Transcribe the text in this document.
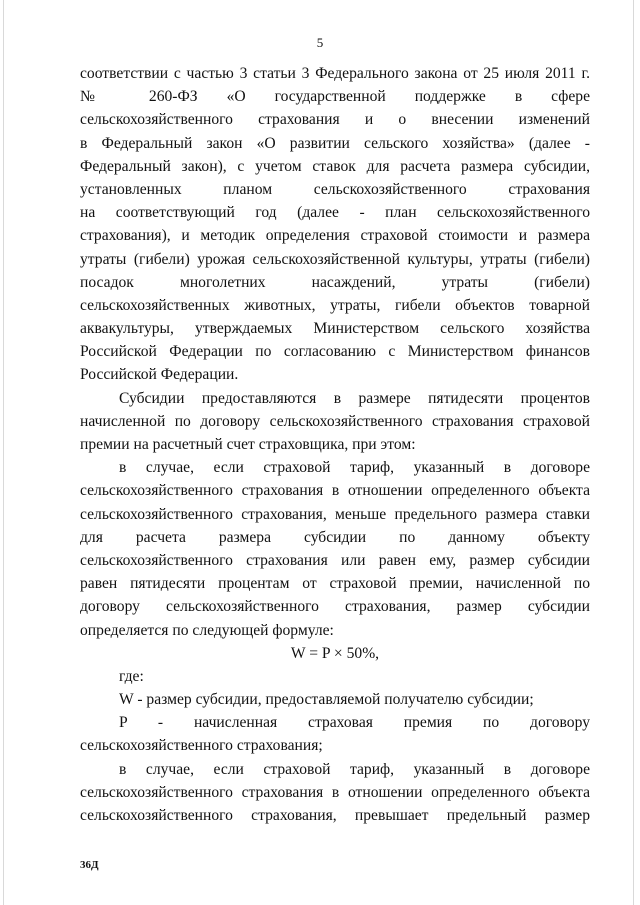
5
соответствии с частью 3 статьи 3 Федерального закона от 25 июля 2011 г.
№ 260-ФЗ «О государственной поддержке в сфере
сельскохозяйственного страхования и о внесении изменений
в Федеральный закон «О развитии сельского хозяйства» (далее -
Федеральный закон), с учетом ставок для расчета размера субсидии,
установленных планом сельскохозяйственного страхования
на соответствующий год (далее - план сельскохозяйственного
страхования), и методик определения страховой стоимости и размера
утраты (гибели) урожая сельскохозяйственной культуры, утраты (гибели)
посадок многолетних насаждений, утраты (гибели)
сельскохозяйственных животных, утраты, гибели объектов товарной
аквакультуры, утверждаемых Министерством сельского хозяйства
Российской Федерации по согласованию с Министерством финансов
Российской Федерации.
Субсидии предоставляются в размере пятидесяти процентов
начисленной по договору сельскохозяйственного страхования страховой
премии на расчетный счет страховщика, при этом:
в случае, если страховой тариф, указанный в договоре
сельскохозяйственного страхования в отношении определенного объекта
сельскохозяйственного страхования, меньше предельного размера ставки
для расчета размера субсидии по данному объекту
сельскохозяйственного страхования или равен ему, размер субсидии
равен пятидесяти процентам от страховой премии, начисленной по
договору сельскохозяйственного страхования, размер субсидии
определяется по следующей формуле:
W = P × 50%,
где:
W - размер субсидии, предоставляемой получателю субсидии;
P - начисленная страховая премия по договору
сельскохозяйственного страхования;
в случае, если страховой тариф, указанный в договоре
сельскохозяйственного страхования в отношении определенного объекта
сельскохозяйственного страхования, превышает предельный размер
36Д
